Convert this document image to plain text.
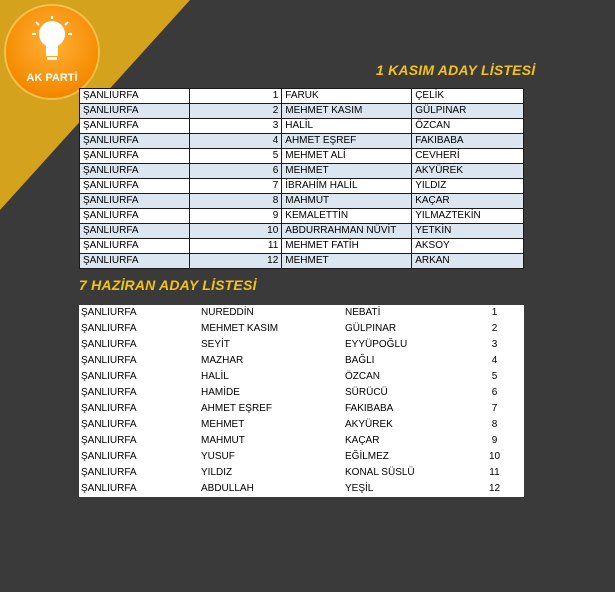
AK PARTİ	1 KASIM ADAY LİSTESİ
ŞANLIURFA	1	FARUK	ÇELİK
ŞANLIURFA	2	MEHMET KASIM	GÜLPINAR
ŞANLIURFA	3	HALİL	ÖZCAN
ŞANLIURFA	4	AHMET EŞREF	FAKIBABA
ŞANLIURFA	5	MEHMET ALİ	CEVHERİ
ŞANLIURFA	6	MEHMET	AKYÜREK
ŞANLIURFA	7	İBRAHİM HALİL	YILDIZ
ŞANLIURFA	8	MAHMUT	KAÇAR
ŞANLIURFA	9	KEMALETTİN	YILMAZTEKİN
ŞANLIURFA	10	ABDURRAHMAN NÜVİT	YETKİN
ŞANLIURFA	11	MEHMET FATİH	AKSOY
ŞANLIURFA	12	MEHMET	ARKAN
7 HAZİRAN ADAY LİSTESİ
ŞANLIURFA	NUREDDİN	NEBATİ	1
ŞANLIURFA	MEHMET KASIM	GÜLPINAR	2
ŞANLIURFA	SEYİT	EYYÜPOĞLU	3
ŞANLIURFA	MAZHAR	BAĞLI	4
ŞANLIURFA	HALİL	ÖZCAN	5
ŞANLIURFA	HAMİDE	SÜRÜCÜ	6
ŞANLIURFA	AHMET EŞREF	FAKIBABA	7
ŞANLIURFA	MEHMET	AKYÜREK	8
ŞANLIURFA	MAHMUT	KAÇAR	9
ŞANLIURFA	YUSUF	EĞİLMEZ	10
ŞANLIURFA	YILDIZ	KONAL SÜSLÜ	11
ŞANLIURFA	ABDULLAH	YEŞİL	12
